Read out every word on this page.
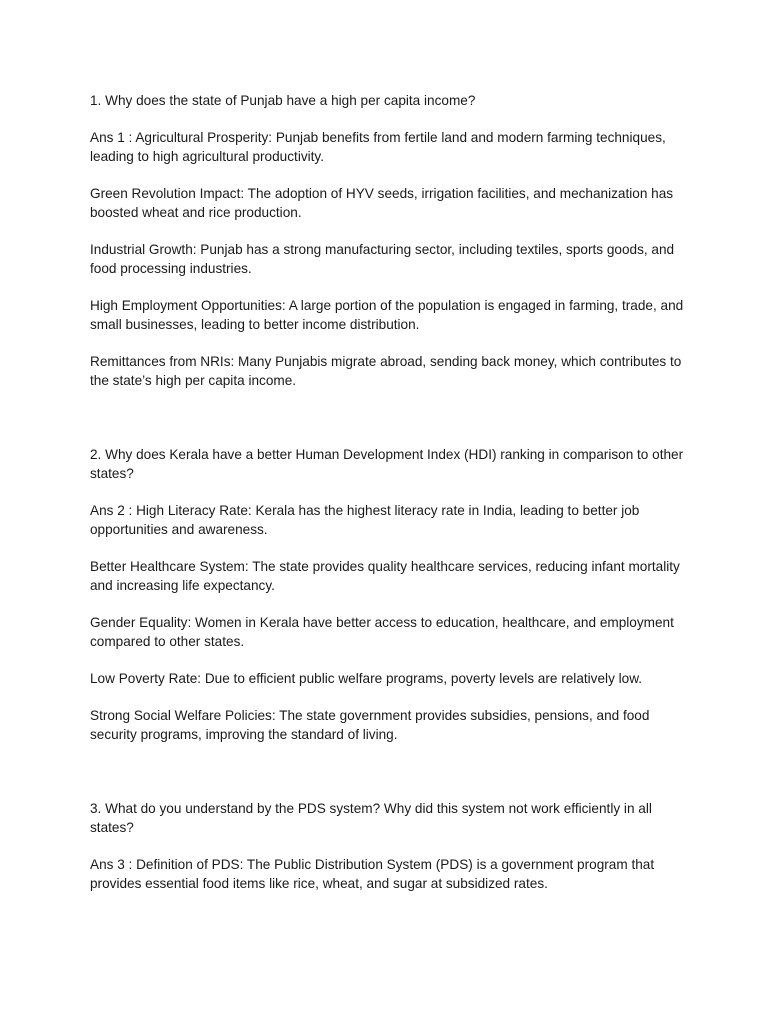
1. Why does the state of Punjab have a high per capita income?

Ans 1 : Agricultural Prosperity: Punjab benefits from fertile land and modern farming techniques, leading to high agricultural productivity.

Green Revolution Impact: The adoption of HYV seeds, irrigation facilities, and mechanization has boosted wheat and rice production.

Industrial Growth: Punjab has a strong manufacturing sector, including textiles, sports goods, and food processing industries.

High Employment Opportunities: A large portion of the population is engaged in farming, trade, and small businesses, leading to better income distribution.

Remittances from NRIs: Many Punjabis migrate abroad, sending back money, which contributes to the state’s high per capita income.

2. Why does Kerala have a better Human Development Index (HDI) ranking in comparison to other states?

Ans 2 : High Literacy Rate: Kerala has the highest literacy rate in India, leading to better job opportunities and awareness.

Better Healthcare System: The state provides quality healthcare services, reducing infant mortality and increasing life expectancy.

Gender Equality: Women in Kerala have better access to education, healthcare, and employment compared to other states.

Low Poverty Rate: Due to efficient public welfare programs, poverty levels are relatively low.

Strong Social Welfare Policies: The state government provides subsidies, pensions, and food security programs, improving the standard of living.

3. What do you understand by the PDS system? Why did this system not work efficiently in all states?

Ans 3 : Definition of PDS: The Public Distribution System (PDS) is a government program that provides essential food items like rice, wheat, and sugar at subsidized rates.
